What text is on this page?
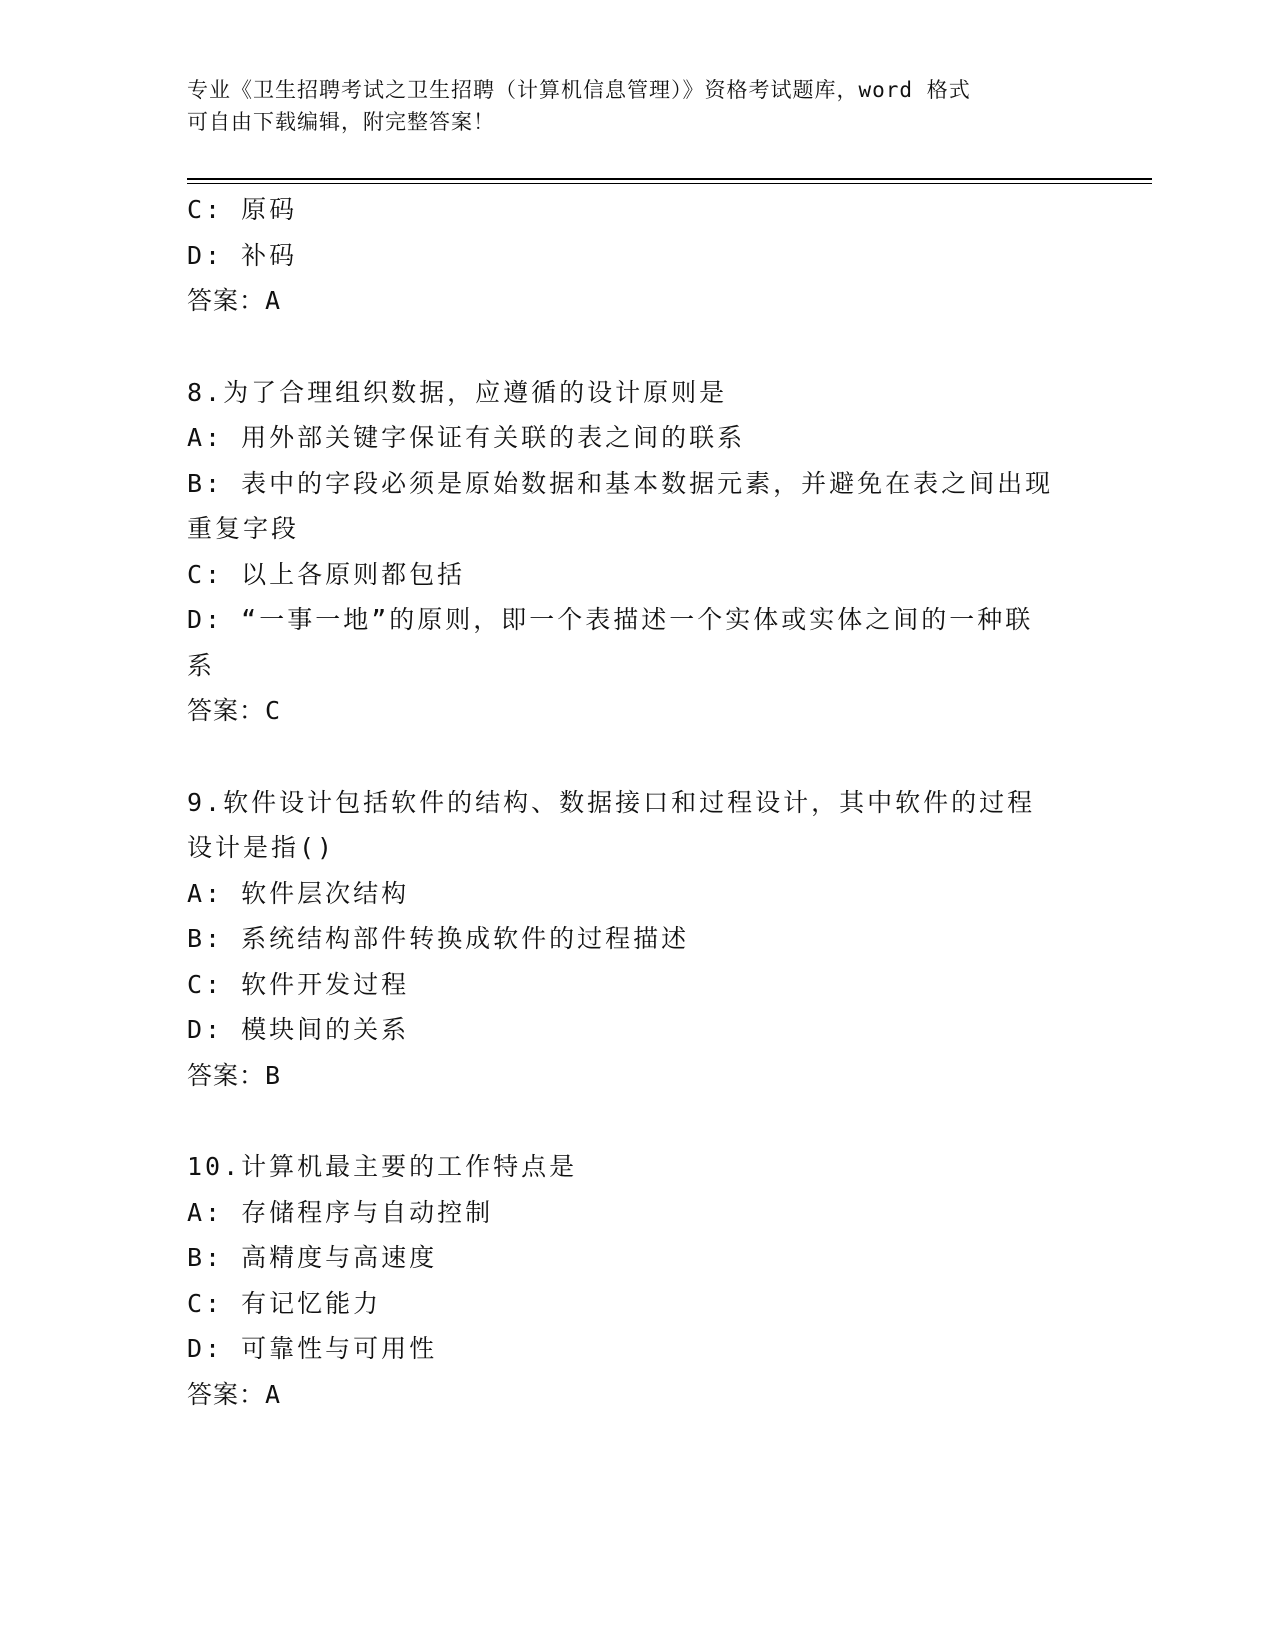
专业《卫生招聘考试之卫生招聘（计算机信息管理）》资格考试题库，word 格式
可自由下载编辑，附完整答案！
C: 原码
D: 补码
答案：A
8.为了合理组织数据，应遵循的设计原则是
A: 用外部关键字保证有关联的表之间的联系
B: 表中的字段必须是原始数据和基本数据元素，并避免在表之间出现
重复字段
C: 以上各原则都包括
D: “一事一地”的原则，即一个表描述一个实体或实体之间的一种联
系
答案：C
9.软件设计包括软件的结构、数据接口和过程设计，其中软件的过程
设计是指()
A: 软件层次结构
B: 系统结构部件转换成软件的过程描述
C: 软件开发过程
D: 模块间的关系
答案：B
10.计算机最主要的工作特点是
A: 存储程序与自动控制
B: 高精度与高速度
C: 有记忆能力
D: 可靠性与可用性
答案：A
